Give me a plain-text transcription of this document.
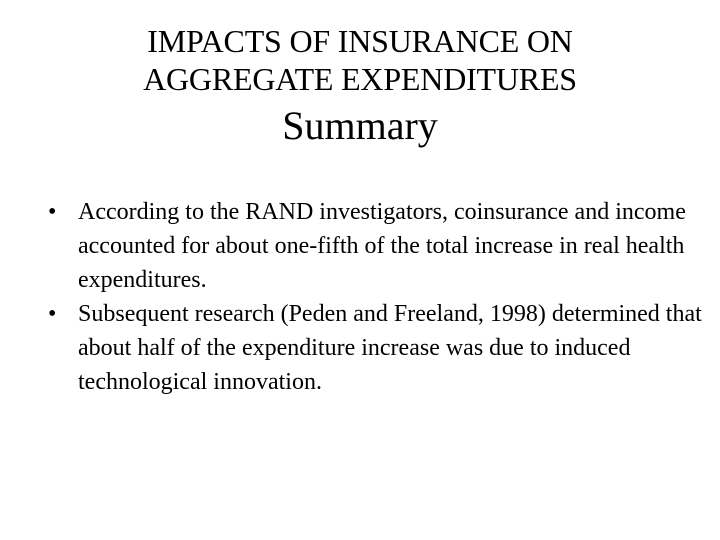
IMPACTS OF INSURANCE ON
AGGREGATE EXPENDITURES
Summary
• According to the RAND investigators, coinsurance and income accounted for about one-fifth of the total increase in real health expenditures.
• Subsequent research (Peden and Freeland, 1998) determined that about half of the expenditure increase was due to induced technological innovation.
